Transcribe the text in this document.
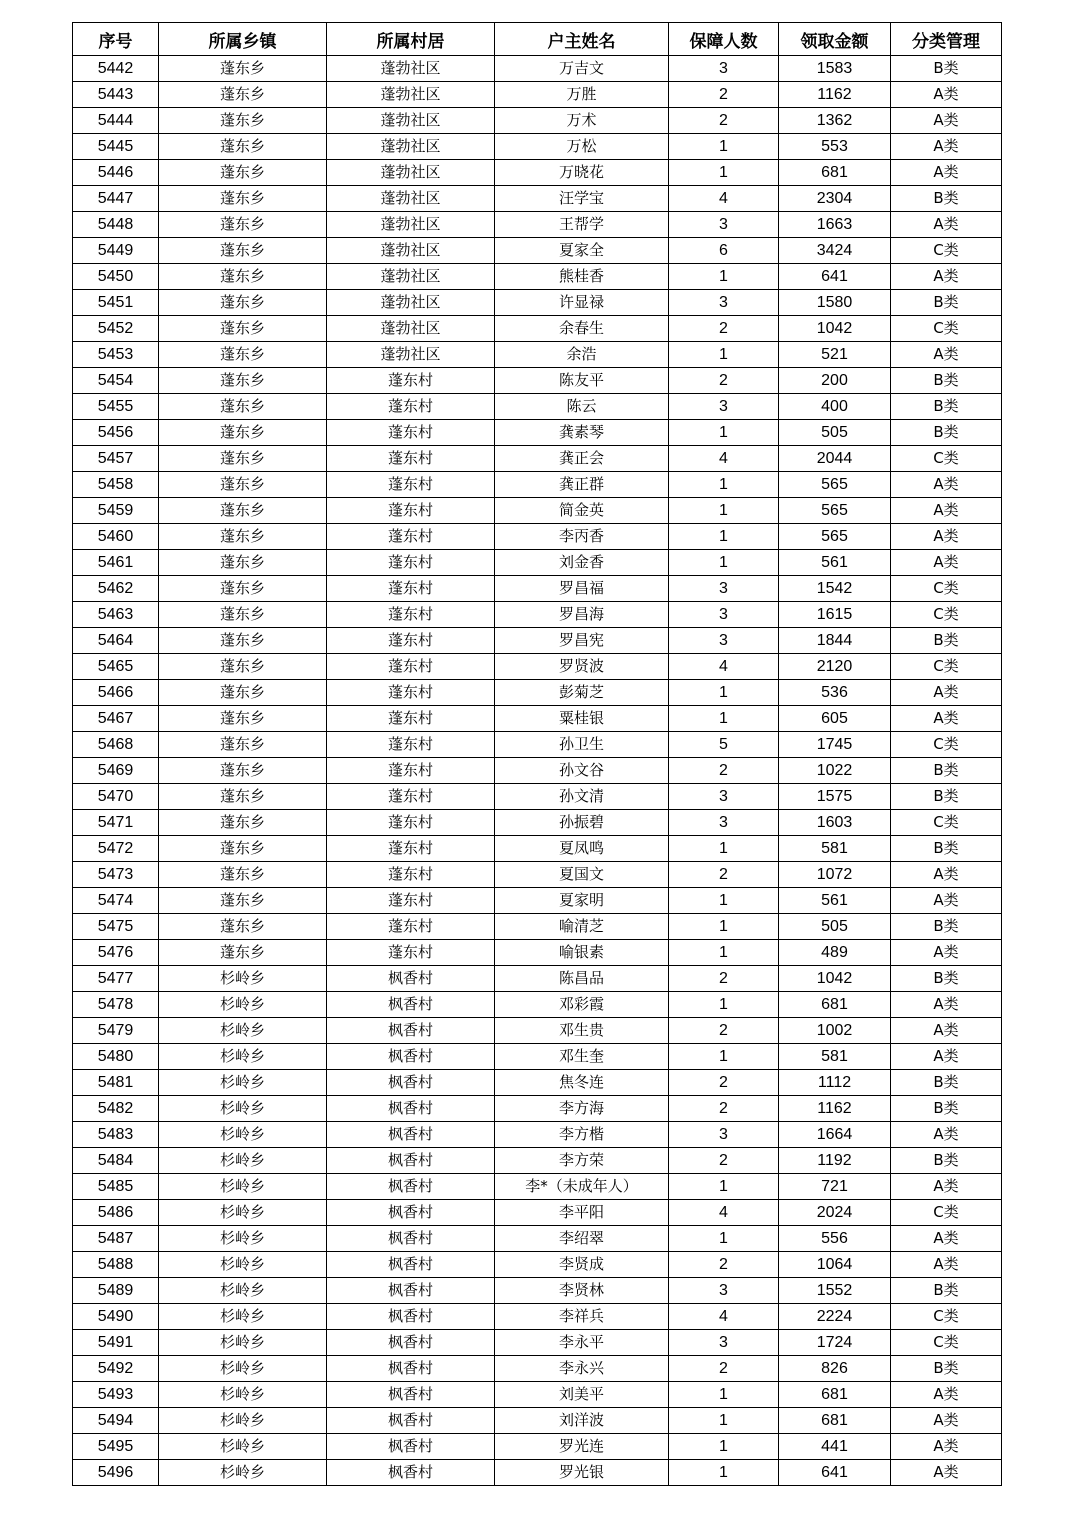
序号	所属乡镇	所属村居	户主姓名	保障人数	领取金额	分类管理
5442	蓬东乡	蓬勃社区	万吉文	3	1583	B类
5443	蓬东乡	蓬勃社区	万胜	2	1162	A类
5444	蓬东乡	蓬勃社区	万术	2	1362	A类
5445	蓬东乡	蓬勃社区	万松	1	553	A类
5446	蓬东乡	蓬勃社区	万晓花	1	681	A类
5447	蓬东乡	蓬勃社区	汪学宝	4	2304	B类
5448	蓬东乡	蓬勃社区	王帮学	3	1663	A类
5449	蓬东乡	蓬勃社区	夏家全	6	3424	C类
5450	蓬东乡	蓬勃社区	熊桂香	1	641	A类
5451	蓬东乡	蓬勃社区	许显禄	3	1580	B类
5452	蓬东乡	蓬勃社区	余春生	2	1042	C类
5453	蓬东乡	蓬勃社区	余浩	1	521	A类
5454	蓬东乡	蓬东村	陈友平	2	200	B类
5455	蓬东乡	蓬东村	陈云	3	400	B类
5456	蓬东乡	蓬东村	龚素琴	1	505	B类
5457	蓬东乡	蓬东村	龚正会	4	2044	C类
5458	蓬东乡	蓬东村	龚正群	1	565	A类
5459	蓬东乡	蓬东村	简金英	1	565	A类
5460	蓬东乡	蓬东村	李丙香	1	565	A类
5461	蓬东乡	蓬东村	刘金香	1	561	A类
5462	蓬东乡	蓬东村	罗昌福	3	1542	C类
5463	蓬东乡	蓬东村	罗昌海	3	1615	C类
5464	蓬东乡	蓬东村	罗昌宪	3	1844	B类
5465	蓬东乡	蓬东村	罗贤波	4	2120	C类
5466	蓬东乡	蓬东村	彭菊芝	1	536	A类
5467	蓬东乡	蓬东村	粟桂银	1	605	A类
5468	蓬东乡	蓬东村	孙卫生	5	1745	C类
5469	蓬东乡	蓬东村	孙文谷	2	1022	B类
5470	蓬东乡	蓬东村	孙文清	3	1575	B类
5471	蓬东乡	蓬东村	孙振碧	3	1603	C类
5472	蓬东乡	蓬东村	夏凤鸣	1	581	B类
5473	蓬东乡	蓬东村	夏国文	2	1072	A类
5474	蓬东乡	蓬东村	夏家明	1	561	A类
5475	蓬东乡	蓬东村	喻清芝	1	505	B类
5476	蓬东乡	蓬东村	喻银素	1	489	A类
5477	杉岭乡	枫香村	陈昌品	2	1042	B类
5478	杉岭乡	枫香村	邓彩霞	1	681	A类
5479	杉岭乡	枫香村	邓生贵	2	1002	A类
5480	杉岭乡	枫香村	邓生奎	1	581	A类
5481	杉岭乡	枫香村	焦冬连	2	1112	B类
5482	杉岭乡	枫香村	李方海	2	1162	B类
5483	杉岭乡	枫香村	李方楷	3	1664	A类
5484	杉岭乡	枫香村	李方荣	2	1192	B类
5485	杉岭乡	枫香村	李*（未成年人）	1	721	A类
5486	杉岭乡	枫香村	李平阳	4	2024	C类
5487	杉岭乡	枫香村	李绍翠	1	556	A类
5488	杉岭乡	枫香村	李贤成	2	1064	A类
5489	杉岭乡	枫香村	李贤林	3	1552	B类
5490	杉岭乡	枫香村	李祥兵	4	2224	C类
5491	杉岭乡	枫香村	李永平	3	1724	C类
5492	杉岭乡	枫香村	李永兴	2	826	B类
5493	杉岭乡	枫香村	刘美平	1	681	A类
5494	杉岭乡	枫香村	刘洋波	1	681	A类
5495	杉岭乡	枫香村	罗光连	1	441	A类
5496	杉岭乡	枫香村	罗光银	1	641	A类
